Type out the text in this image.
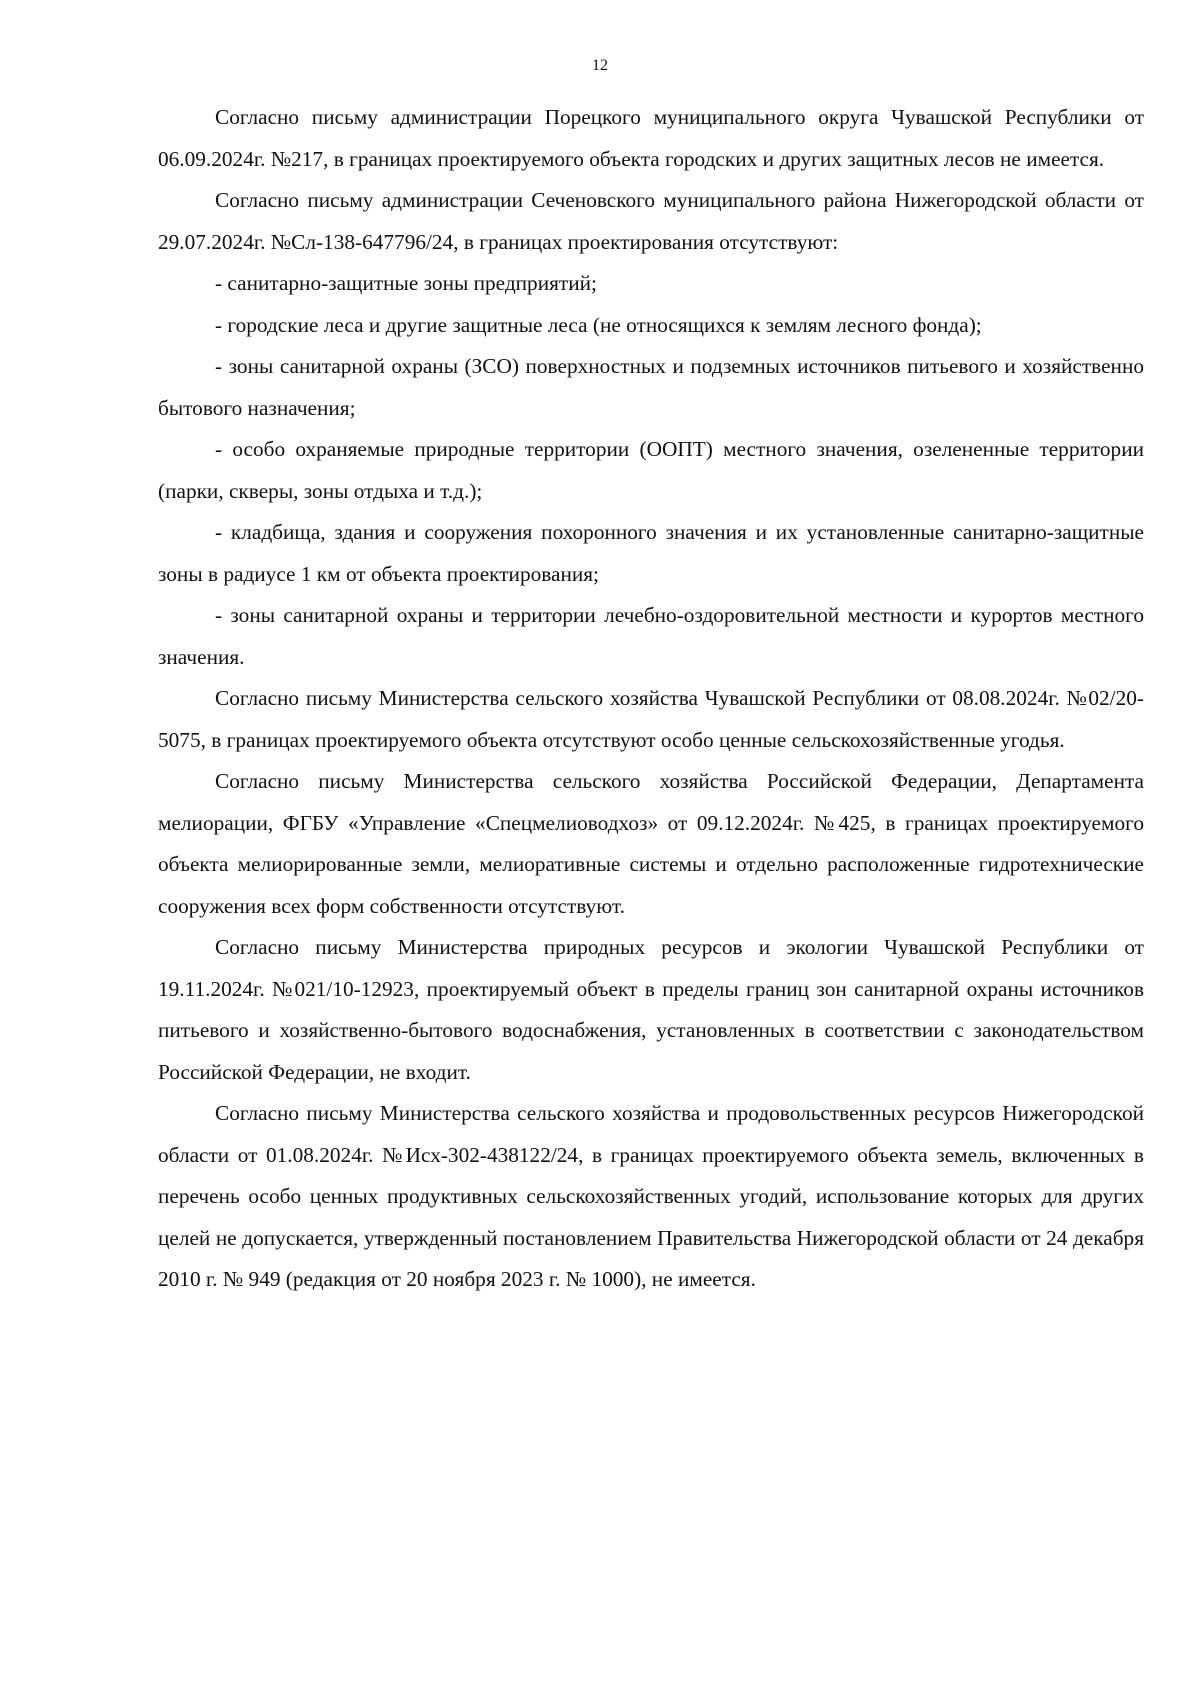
12

Согласно письму администрации Порецкого муниципального округа Чувашской Республики от 06.09.2024г. №217, в границах проектируемого объекта городских и других защитных лесов не имеется.

Согласно письму администрации Сеченовского муниципального района Нижегородской области от 29.07.2024г. №Сл-138-647796/24, в границах проектирования отсутствуют:

- санитарно-защитные зоны предприятий;

- городские леса и другие защитные леса (не относящихся к землям лесного фонда);

- зоны санитарной охраны (ЗСО) поверхностных и подземных источников питьевого и хозяйственно бытового назначения;

- особо охраняемые природные территории (ООПТ) местного значения, озелененные территории (парки, скверы, зоны отдыха и т.д.);

- кладбища, здания и сооружения похоронного значения и их установленные санитарно-защитные зоны в радиусе 1 км от объекта проектирования;

- зоны санитарной охраны и территории лечебно-оздоровительной местности и курортов местного значения.

Согласно письму Министерства сельского хозяйства Чувашской Республики от 08.08.2024г. №02/20-5075, в границах проектируемого объекта отсутствуют особо ценные сельскохозяйственные угодья.

Согласно письму Министерства сельского хозяйства Российской Федерации, Департамента мелиорации, ФГБУ «Управление «Спецмелиоводхоз» от 09.12.2024г. №425, в границах проектируемого объекта мелиорированные земли, мелиоративные системы и отдельно расположенные гидротехнические сооружения всех форм собственности отсутствуют.

Согласно письму Министерства природных ресурсов и экологии Чувашской Республики от 19.11.2024г. №021/10-12923, проектируемый объект в пределы границ зон санитарной охраны источников питьевого и хозяйственно-бытового водоснабжения, установленных в соответствии с законодательством Российской Федерации, не входит.

Согласно письму Министерства сельского хозяйства и продовольственных ресурсов Нижегородской области от 01.08.2024г. №Исх-302-438122/24, в границах проектируемого объекта земель, включенных в перечень особо ценных продуктивных сельскохозяйственных угодий, использование которых для других целей не допускается, утвержденный постановлением Правительства Нижегородской области от 24 декабря 2010 г. № 949 (редакция от 20 ноября 2023 г. № 1000), не имеется.
